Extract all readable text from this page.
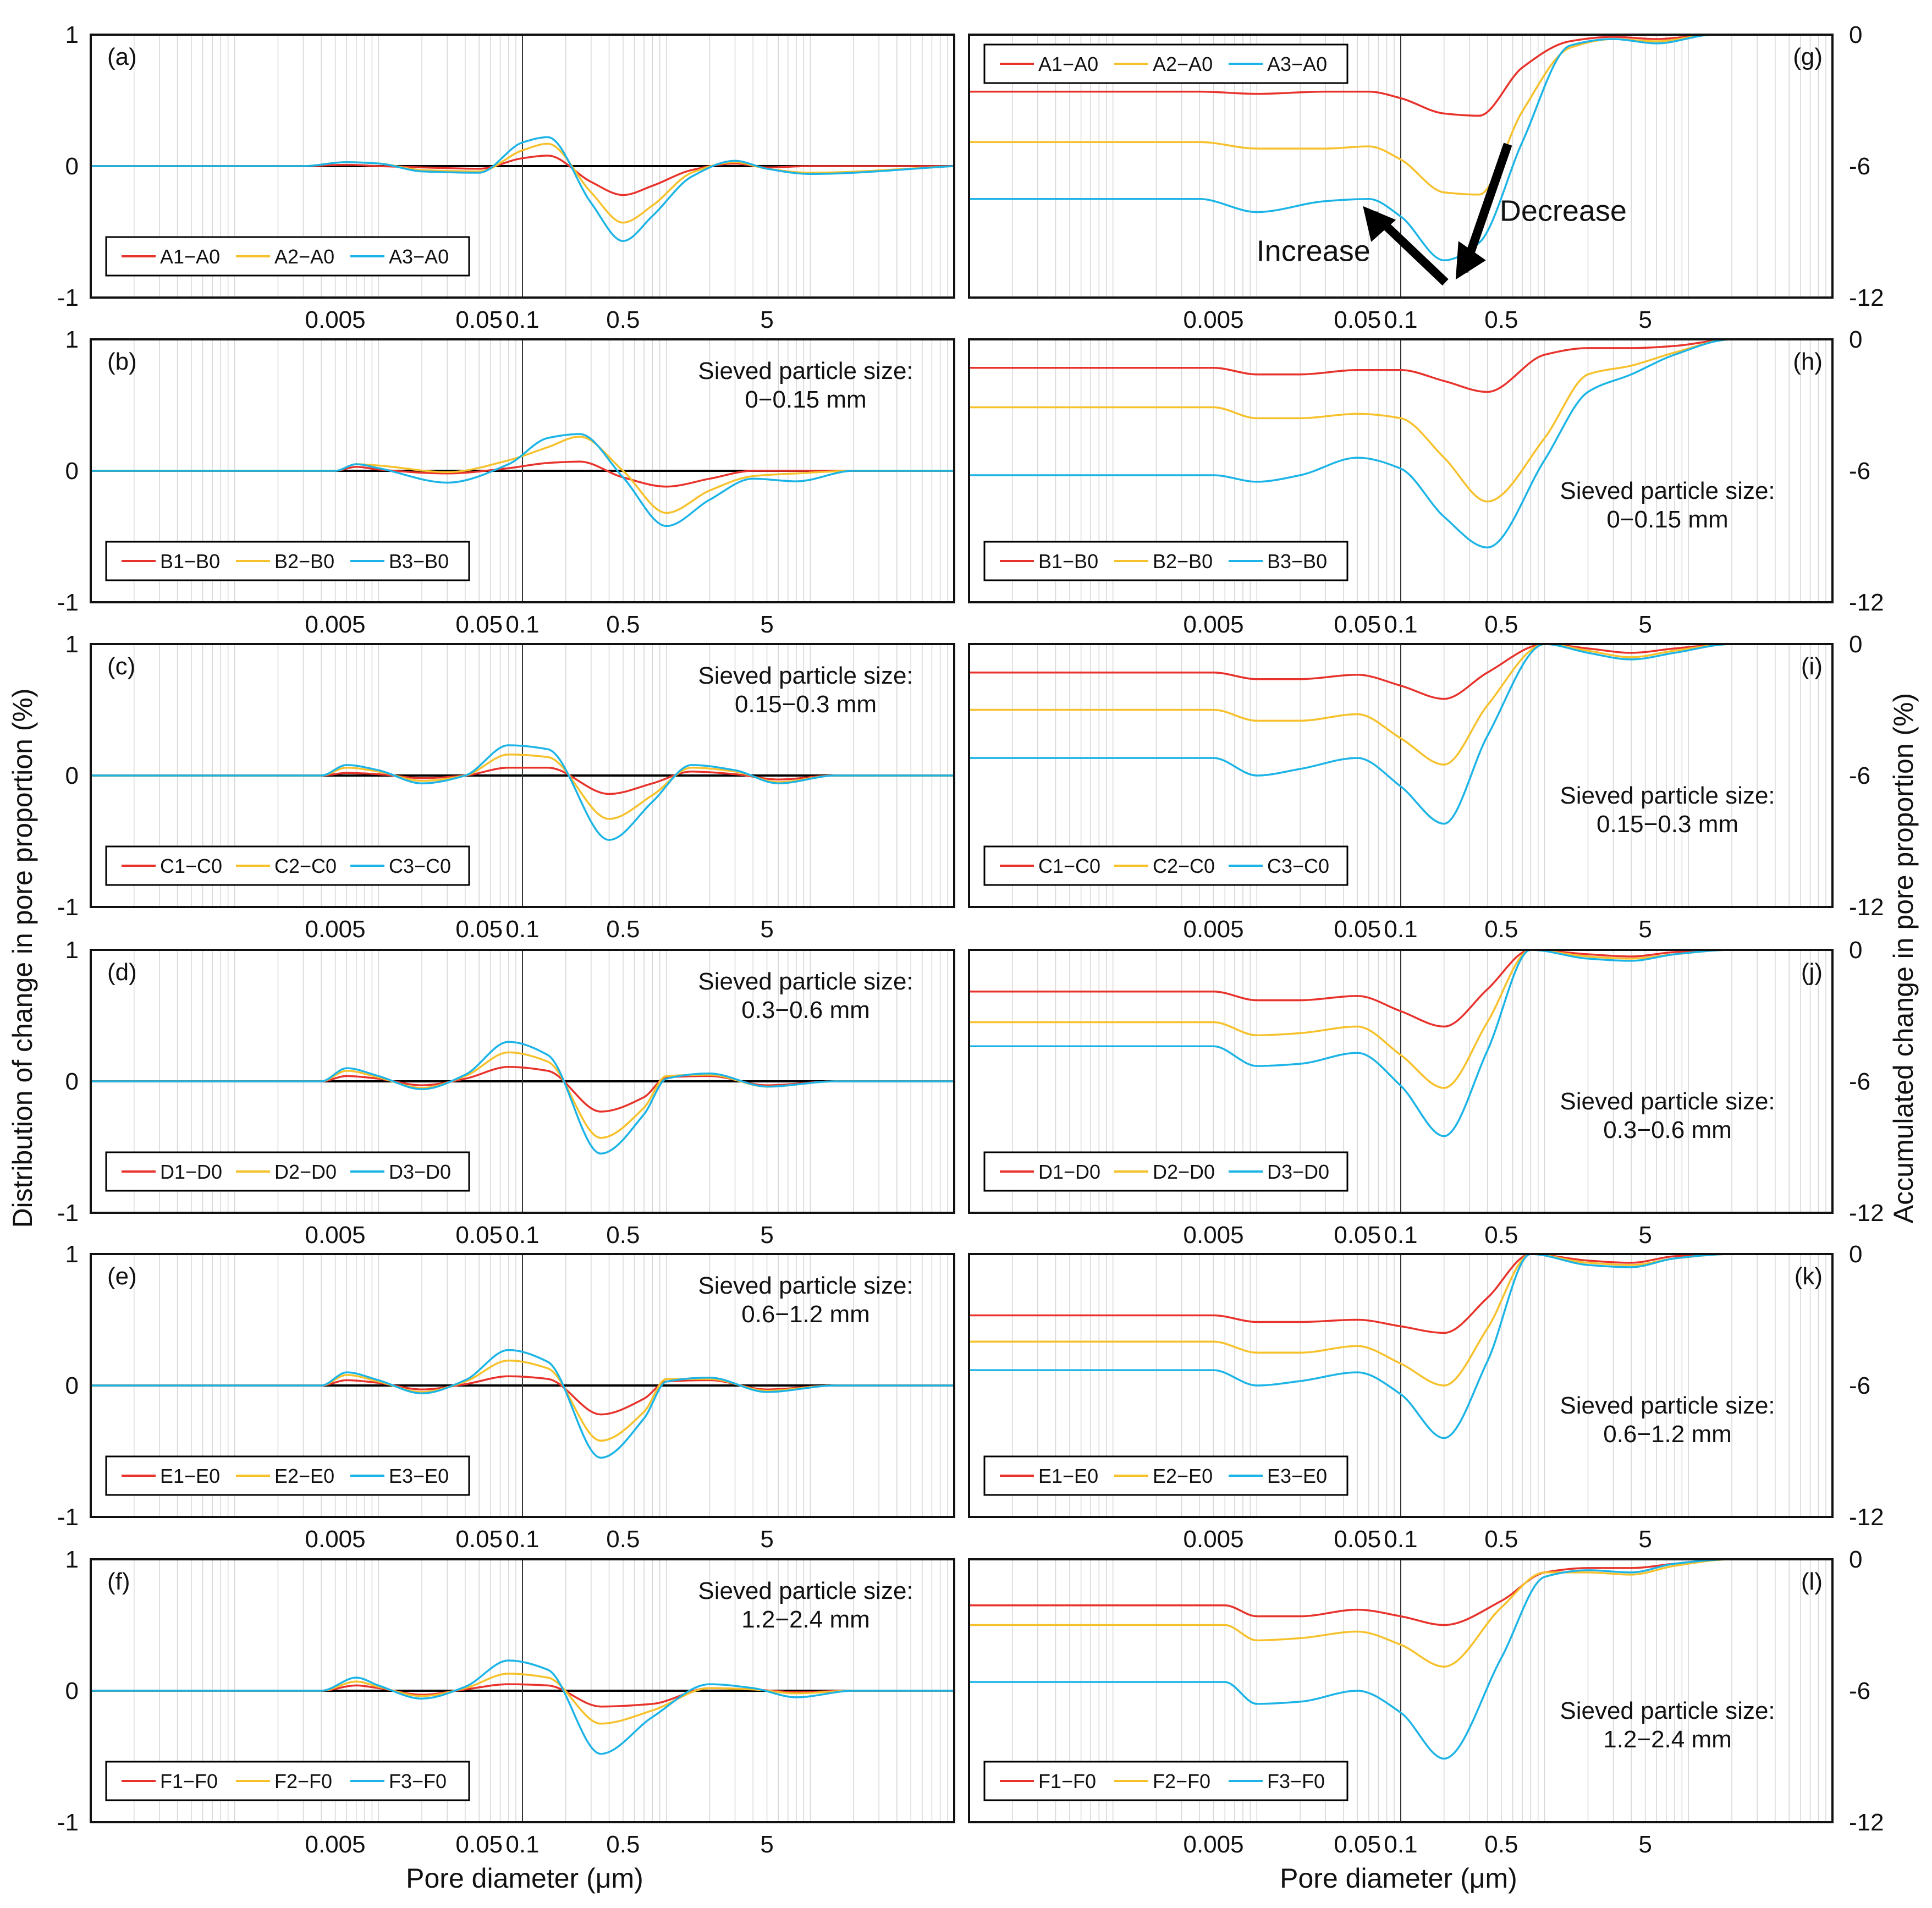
0.005	0.05 0.1	0.5	5
-1
0
1
(a)
A1−A0	A2−A0	A3−A0
0.005	0.05 0.1	0.5	5
-1
0
1
(b)	Sieved particle size:
0−0.15 mm
B1−B0	B2−B0	B3−B0
0.005	0.05 0.1	0.5	5
-1
0
1
(c)	Sieved particle size:
0.15−0.3 mm
C1−C0	C2−C0	C3−C0
0.005	0.05 0.1	0.5	5
-1
0
1
(d)	Sieved particle size:
0.3−0.6 mm
D1−D0	D2−D0	D3−D0
0.005	0.05 0.1	0.5	5
-1
0
1
(e)	Sieved particle size:
0.6−1.2 mm
E1−E0	E2−E0	E3−E0
0.005	0.05 0.1	0.5	5
-1
0
1
(f)	Sieved particle size:
1.2−2.4 mm
F1−F0	F2−F0	F3−F0
0.005	0.05 0.1	0.5	5
-12
-6
0
(g)
A1−A0	A2−A0	A3−A0
Increase
Decrease
0.005	0.05 0.1	0.5	5
-12
-6
0
(h)
Sieved particle size:
0−0.15 mm
B1−B0	B2−B0	B3−B0
0.005	0.05 0.1	0.5	5
-12
-6
0
(i)
Sieved particle size:
0.15−0.3 mm
C1−C0	C2−C0	C3−C0
0.005	0.05 0.1	0.5	5
-12
-6
0
(j)
Sieved particle size:
0.3−0.6 mm
D1−D0	D2−D0	D3−D0
0.005	0.05 0.1	0.5	5
-12
-6
0
(k)
Sieved particle size:
0.6−1.2 mm
E1−E0	E2−E0	E3−E0
0.005	0.05 0.1	0.5	5
-12
-6
0
(l)
Sieved particle size:
1.2−2.4 mm
F1−F0	F2−F0	F3−F0
Pore diameter (μm)	Pore diameter (μm)
Distribution of change in pore proportion (%)	Accumulated change in pore proportion (%)
